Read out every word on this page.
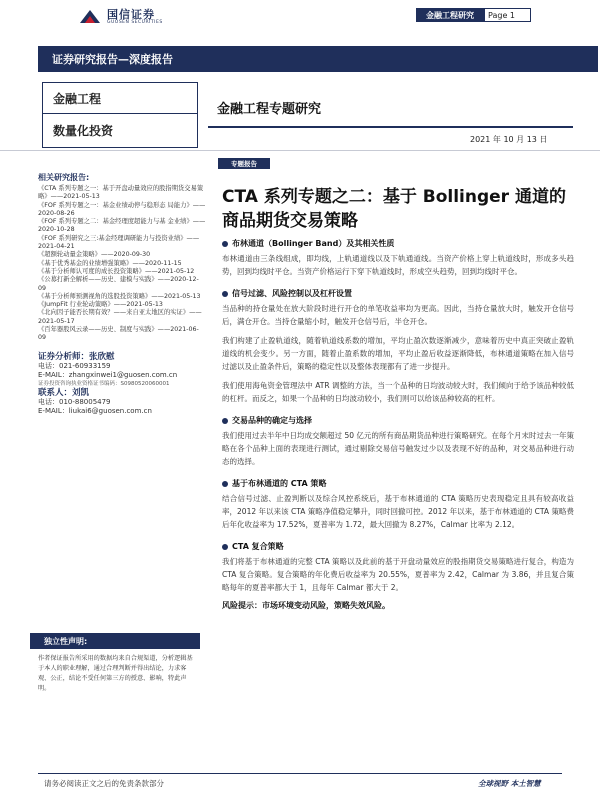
国信证券
GUOSEN SECURITIES
金融工程研究	Page 1
证券研究报告—深度报告
金融工程
数量化投资
金融工程专题研究
2021 年 10 月 13 日
相关研究报告:
《CTA 系列专题之一：基于开盘动量效应的股指期货交易策略》——2021-05-13
《FOF 系列专题之一：基金业绩动停与稳形态 局能力》——2020-08-26
《FOF 系列专题之二：基金经理度超能力与基 金业绩》——2020-10-28
《FOF 系列研究之三:基金经理调研能力与投资业绩》——2021-04-21
《超额轮动量金策略》——2020-09-30
《基于优秀基金的业绩增强策略》——2020-11-15
《基于分析师认可度的成长投资策略》——2021-05-12
《公募打新全解析——历史、建模与实践》——2020-12-09
《基于分析师预测视角的选股投资策略》——2021-05-13
《JumpFit 行业轮动策略》——2021-05-13
《北向因子能否长期有效？——来自亚太地区的实证》——2021-05-17
《百年器股风云录——历史、制度与实践》——2021-06-09
证券分析师：张欣慰
电话：021-60933159
E-MAIL：zhangxinwei1@guosen.com.cn
证券投资咨询执业资格证书编码：S0980520060001
联系人：刘凯
电话：010-88005479
E-MAIL：liukai6@guosen.com.cn
独立性声明:
作者保证报告所采用的数据均来自合规渠道，分析逻辑基于本人的职业理解，通过合理判断并得出结论，力求客观、公正，结论不受任何第三方的授意、影响，特此声明。
专题报告
CTA 系列专题之二：基于 Bollinger 通道的商品期货交易策略
布林通道（Bollinger Band）及其相关性质
布林通道由三条线组成，即均线，上轨通道线以及下轨通道线。当资产价格上穿上轨道线时，形成多头趋势，回到均线时平仓。当资产价格运行下穿下轨道线时，形成空头趋势，回到均线时平仓。
信号过滤、风险控制以及杠杆设置
当品种的持仓量处在放大阶段时进行开仓的单笔收益率均为更高。因此，当持仓量放大时，触发开仓信号后，满仓开仓。当持仓量缩小时，触发开仓信号后，半仓开仓。
我们构建了止盈轨道线，随着轨道线系数的增加，平均止盈次数逐渐减少，意味着历史中真正突破止盈轨道线的机会变少。另一方面，随着止盈系数的增加，平均止盈后收益逐渐降低，布林通道策略在加入信号过滤以及止盈条件后，策略的稳定性以及整体表现都有了进一步提升。
我们使用海龟资金管理法中 ATR 调整的方法，当一个品种的日均波动较大时，我们倾向于给予该品种较低的杠杆。而反之，如果一个品种的日均波动较小，我们则可以给该品种较高的杠杆。
交易品种的确定与选择
我们使用过去半年中日均成交额超过 50 亿元的所有商品期货品种进行策略研究。在每个月末时过去一年策略在各个品种上面的表现进行测试，通过剔除交易信号触发过少以及表现不好的品种，对交易品种进行动态的选择。
基于布林通道的 CTA 策略
结合信号过滤、止盈判断以及综合风控系统后，基于布林通道的 CTA 策略历史表现稳定且具有较高收益率，2012 年以来该 CTA 策略净值稳定攀升，同时回撤可控。2012 年以来，基于布林通道的 CTA 策略费后年化收益率为 17.52%，夏普率为 1.72，最大回撤为 8.27%，Calmar 比率为 2.12。
CTA 复合策略
我们将基于布林通道的完整 CTA 策略以及此前的基于开盘动量效应的股指期货交易策略进行复合，构造为 CTA 复合策略。复合策略的年化费后收益率为 20.55%，夏普率为 2.42，Calmar 为 3.86，并且复合策略每年的夏普率都大于 1，且每年 Calmar 都大于 2。
风险提示：市场环境变动风险，策略失效风险。
请务必阅读正文之后的免责条款部分	全球视野 本土智慧
